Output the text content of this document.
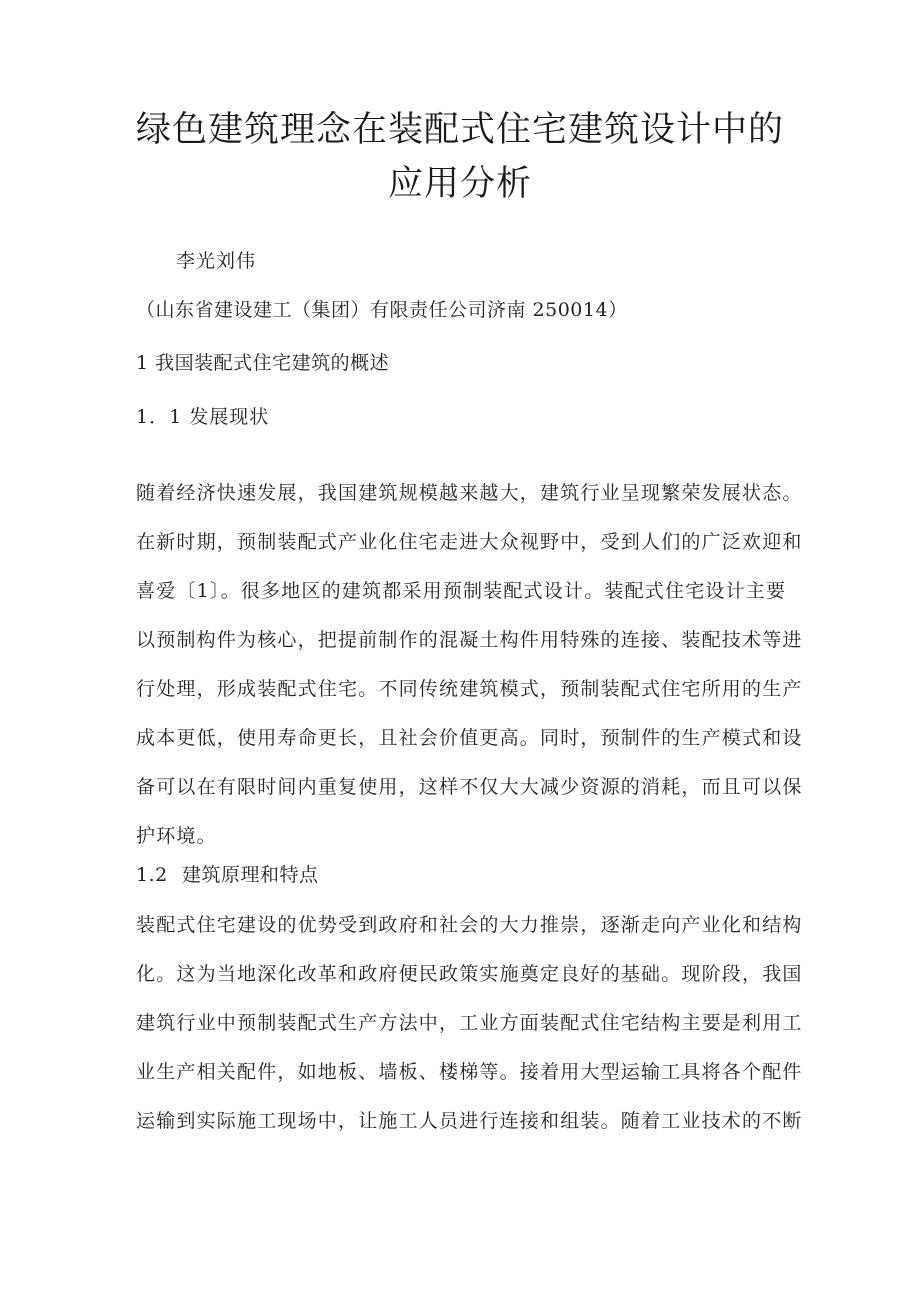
绿色建筑理念在装配式住宅建筑设计中的
应用分析
李光刘伟
（山东省建设建工（集团）有限责任公司济南 250014）
1 我国装配式住宅建筑的概述
1．1 发展现状
随着经济快速发展，我国建筑规模越来越大，建筑行业呈现繁荣发展状态。
在新时期，预制装配式产业化住宅走进大众视野中，受到人们的广泛欢迎和
喜爱〔1〕。很多地区的建筑都采用预制装配式设计。装配式住宅设计主要
以预制构件为核心，把提前制作的混凝土构件用特殊的连接、装配技术等进
行处理，形成装配式住宅。不同传统建筑模式，预制装配式住宅所用的生产
成本更低，使用寿命更长，且社会价值更高。同时，预制件的生产模式和设
备可以在有限时间内重复使用，这样不仅大大减少资源的消耗，而且可以保
护环境。
1.2 建筑原理和特点
装配式住宅建设的优势受到政府和社会的大力推崇，逐渐走向产业化和结构
化。这为当地深化改革和政府便民政策实施奠定良好的基础。现阶段，我国
建筑行业中预制装配式生产方法中，工业方面装配式住宅结构主要是利用工
业生产相关配件，如地板、墙板、楼梯等。接着用大型运输工具将各个配件
运输到实际施工现场中，让施工人员进行连接和组装。随着工业技术的不断
